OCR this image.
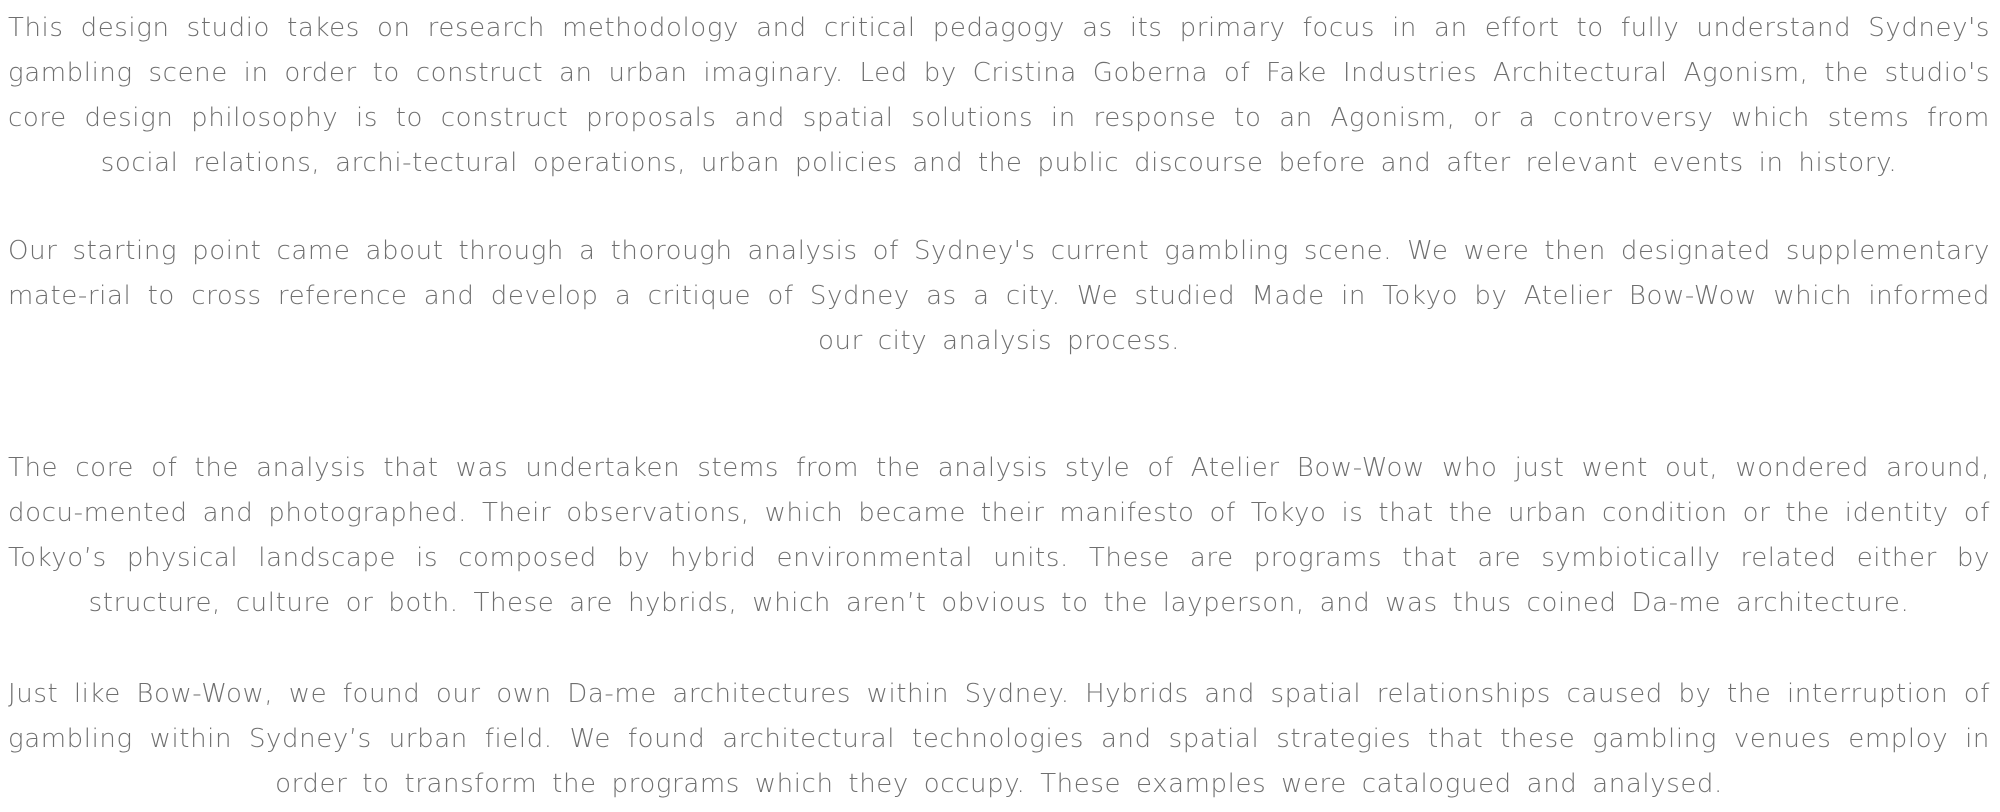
This design studio takes on research methodology and critical pedagogy as its primary focus in an effort to fully understand Sydney's gambling scene in order to construct an urban imaginary. Led by Cristina Goberna of Fake Industries Architectural Agonism, the studio's core design philosophy is to construct proposals and spatial solutions in response to an Agonism, or a controversy which stems from social relations, archi-tectural operations, urban policies and the public discourse before and after relevant events in history.

Our starting point came about through a thorough analysis of Sydney's current gambling scene. We were then designated supplementary mate-rial to cross reference and develop a critique of Sydney as a city. We studied Made in Tokyo by Atelier Bow-Wow which informed our city analysis process.

The core of the analysis that was undertaken stems from the analysis style of Atelier Bow-Wow who just went out, wondered around, docu-mented and photographed. Their observations, which became their manifesto of Tokyo is that the urban condition or the identity of Tokyo’s physical landscape is composed by hybrid environmental units. These are programs that are symbiotically related either by structure, culture or both. These are hybrids, which aren’t obvious to the layperson, and was thus coined Da-me architecture.

Just like Bow-Wow, we found our own Da-me architectures within Sydney. Hybrids and spatial relationships caused by the interruption of gambling within Sydney’s urban field. We found architectural technologies and spatial strategies that these gambling venues employ in order to transform the programs which they occupy. These examples were catalogued and analysed.
